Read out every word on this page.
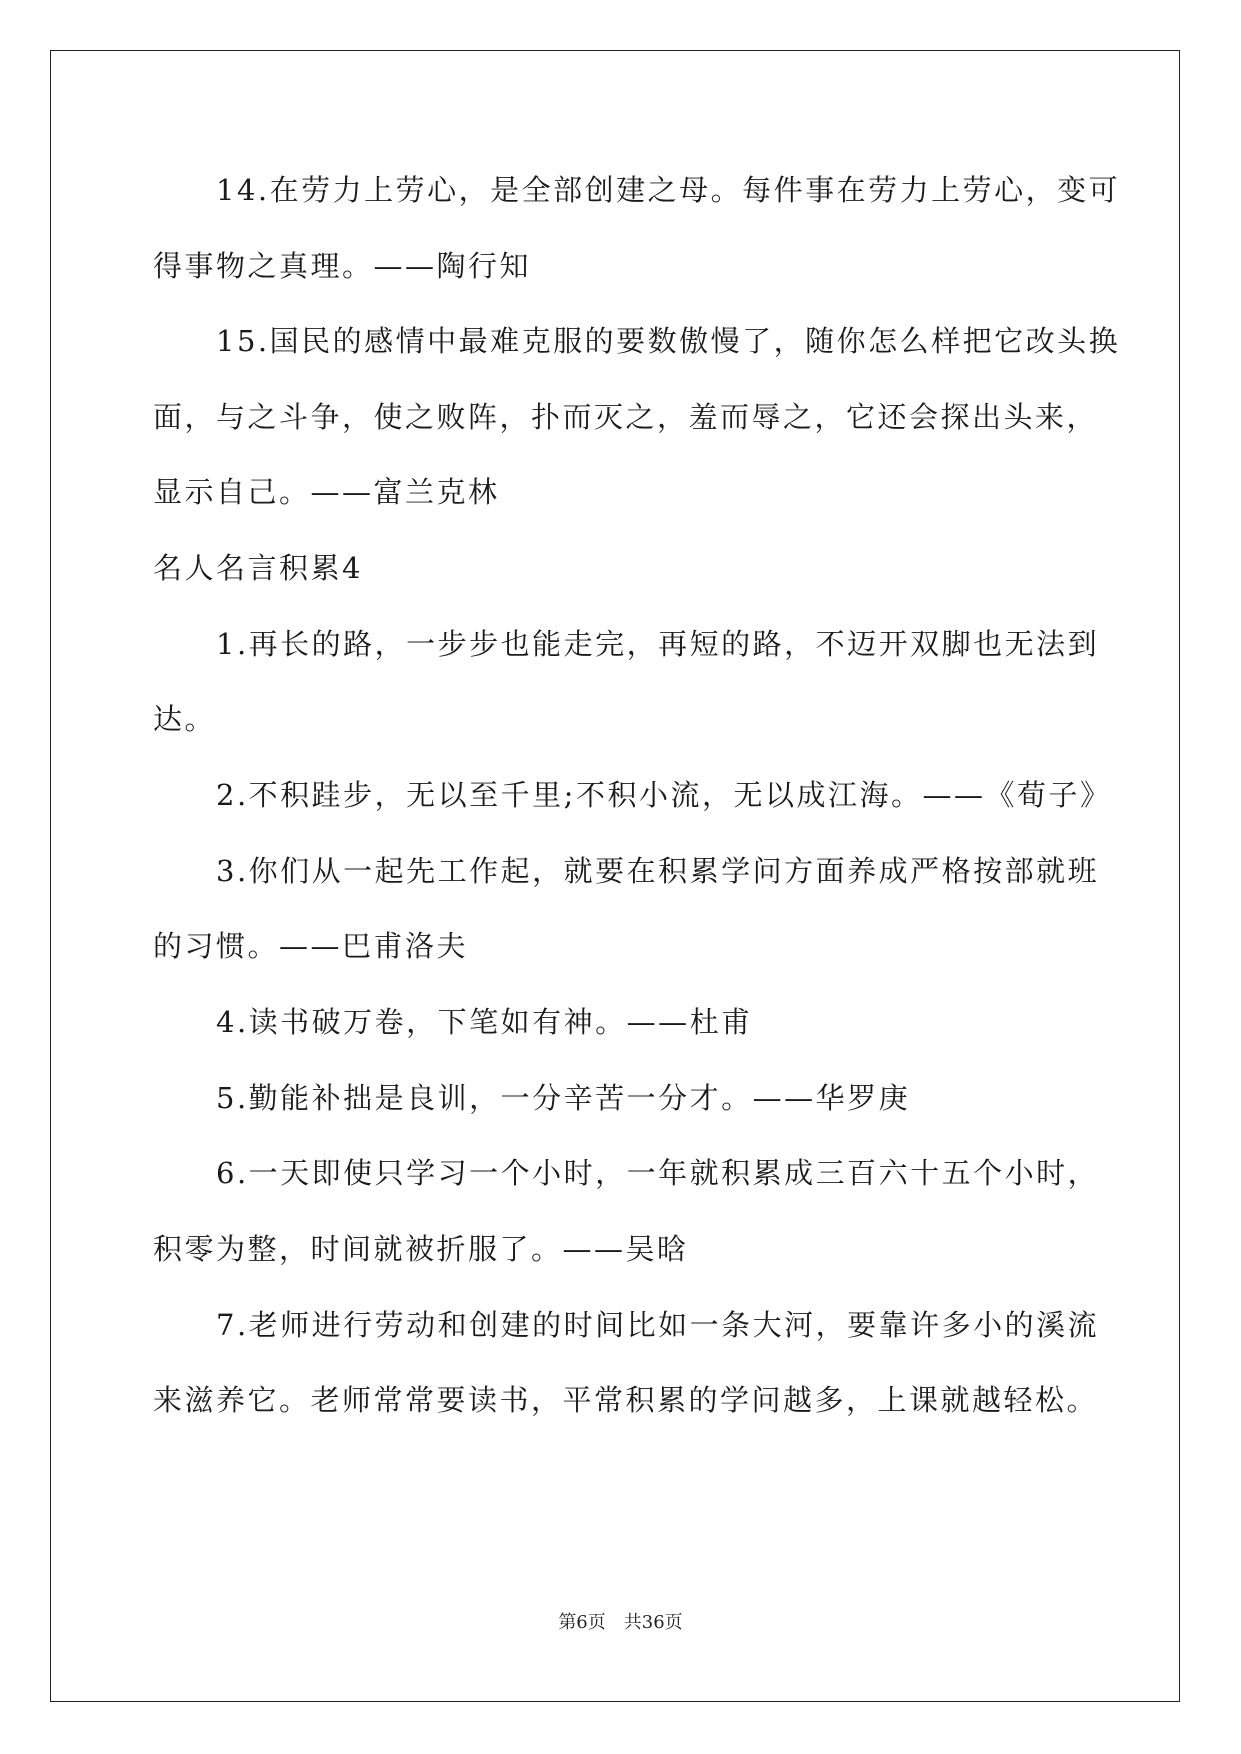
　　14.在劳力上劳心，是全部创建之母。每件事在劳力上劳心，变可
得事物之真理。——陶行知
　　15.国民的感情中最难克服的要数傲慢了，随你怎么样把它改头换
面，与之斗争，使之败阵，扑而灭之，羞而辱之，它还会探出头来，
显示自己。——富兰克林
名人名言积累4
　　1.再长的路，一步步也能走完，再短的路，不迈开双脚也无法到
达。
　　2.不积跬步，无以至千里;不积小流，无以成江海。——《荀子》
　　3.你们从一起先工作起，就要在积累学问方面养成严格按部就班
的习惯。——巴甫洛夫
　　4.读书破万卷，下笔如有神。——杜甫
　　5.勤能补拙是良训，一分辛苦一分才。——华罗庚
　　6.一天即使只学习一个小时，一年就积累成三百六十五个小时，
积零为整，时间就被折服了。——吴晗
　　7.老师进行劳动和创建的时间比如一条大河，要靠许多小的溪流
来滋养它。老师常常要读书，平常积累的学问越多，上课就越轻松。
第6页 共36页
